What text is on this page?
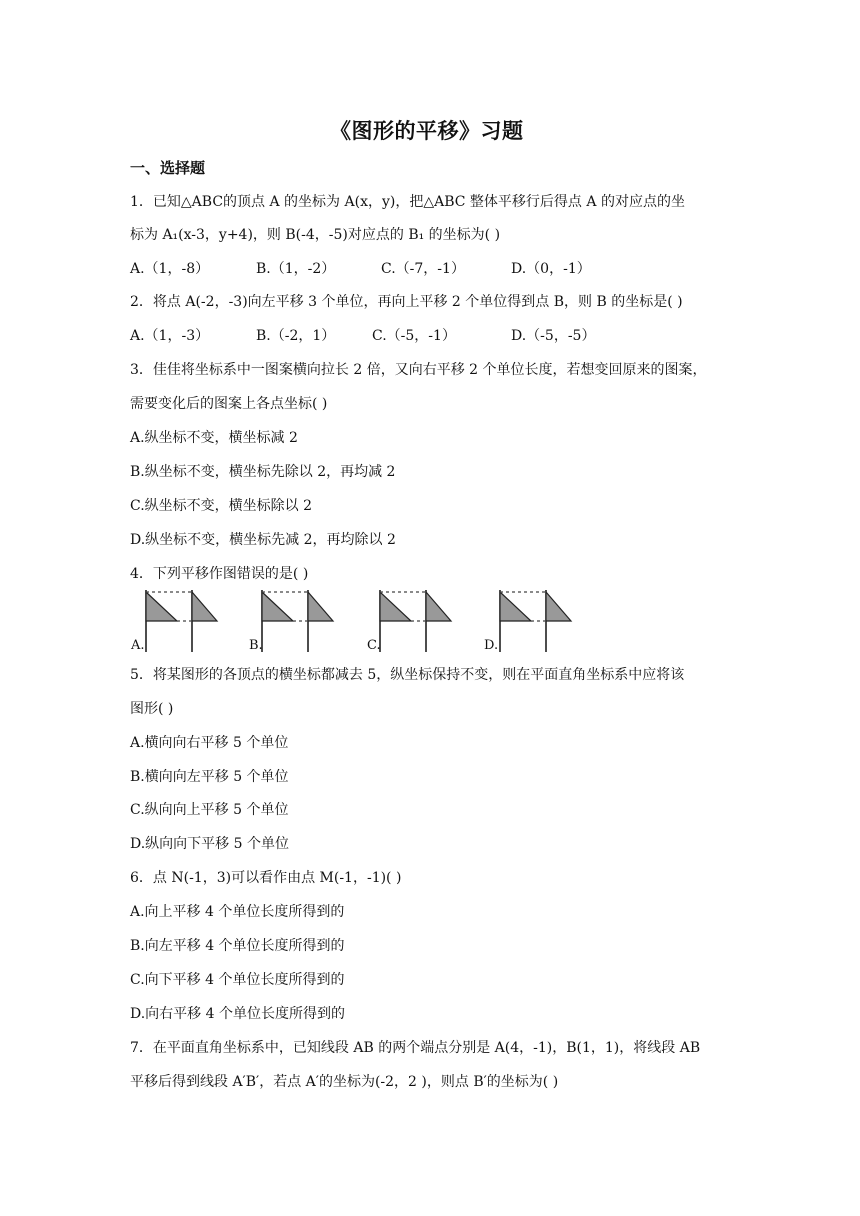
《图形的平移》习题
一、选择题
1．已知△ABC的顶点 A 的坐标为 A(x，y)，把△ABC 整体平移行后得点 A 的对应点的坐
标为 A₁(x-3，y+4)，则 B(-4，-5)对应点的 B₁ 的坐标为( )
A.（1，-8）	B.（1，-2）	C.（-7，-1）	D.（0，-1）
2．将点 A(-2，-3)向左平移 3 个单位，再向上平移 2 个单位得到点 B，则 B 的坐标是( )
A.（1，-3）	B.（-2，1）	C.（-5，-1）	D.（-5，-5）
3．佳佳将坐标系中一图案横向拉长 2 倍，又向右平移 2 个单位长度，若想变回原来的图案，
需要变化后的图案上各点坐标( )
A.纵坐标不变，横坐标减 2
B.纵坐标不变，横坐标先除以 2，再均减 2
C.纵坐标不变，横坐标除以 2
D.纵坐标不变，横坐标先减 2，再均除以 2
4．下列平移作图错误的是( )
A.	B.	C.	D.
5．将某图形的各顶点的横坐标都减去 5，纵坐标保持不变，则在平面直角坐标系中应将该
图形( )
A.横向向右平移 5 个单位
B.横向向左平移 5 个单位
C.纵向向上平移 5 个单位
D.纵向向下平移 5 个单位
6．点 N(-1，3)可以看作由点 M(-1，-1)( )
A.向上平移 4 个单位长度所得到的
B.向左平移 4 个单位长度所得到的
C.向下平移 4 个单位长度所得到的
D.向右平移 4 个单位长度所得到的
7．在平面直角坐标系中，已知线段 AB 的两个端点分别是 A(4，-1)，B(1，1)，将线段 AB
平移后得到线段 A′B′，若点 A′的坐标为(-2，2 )，则点 B′的坐标为( )
